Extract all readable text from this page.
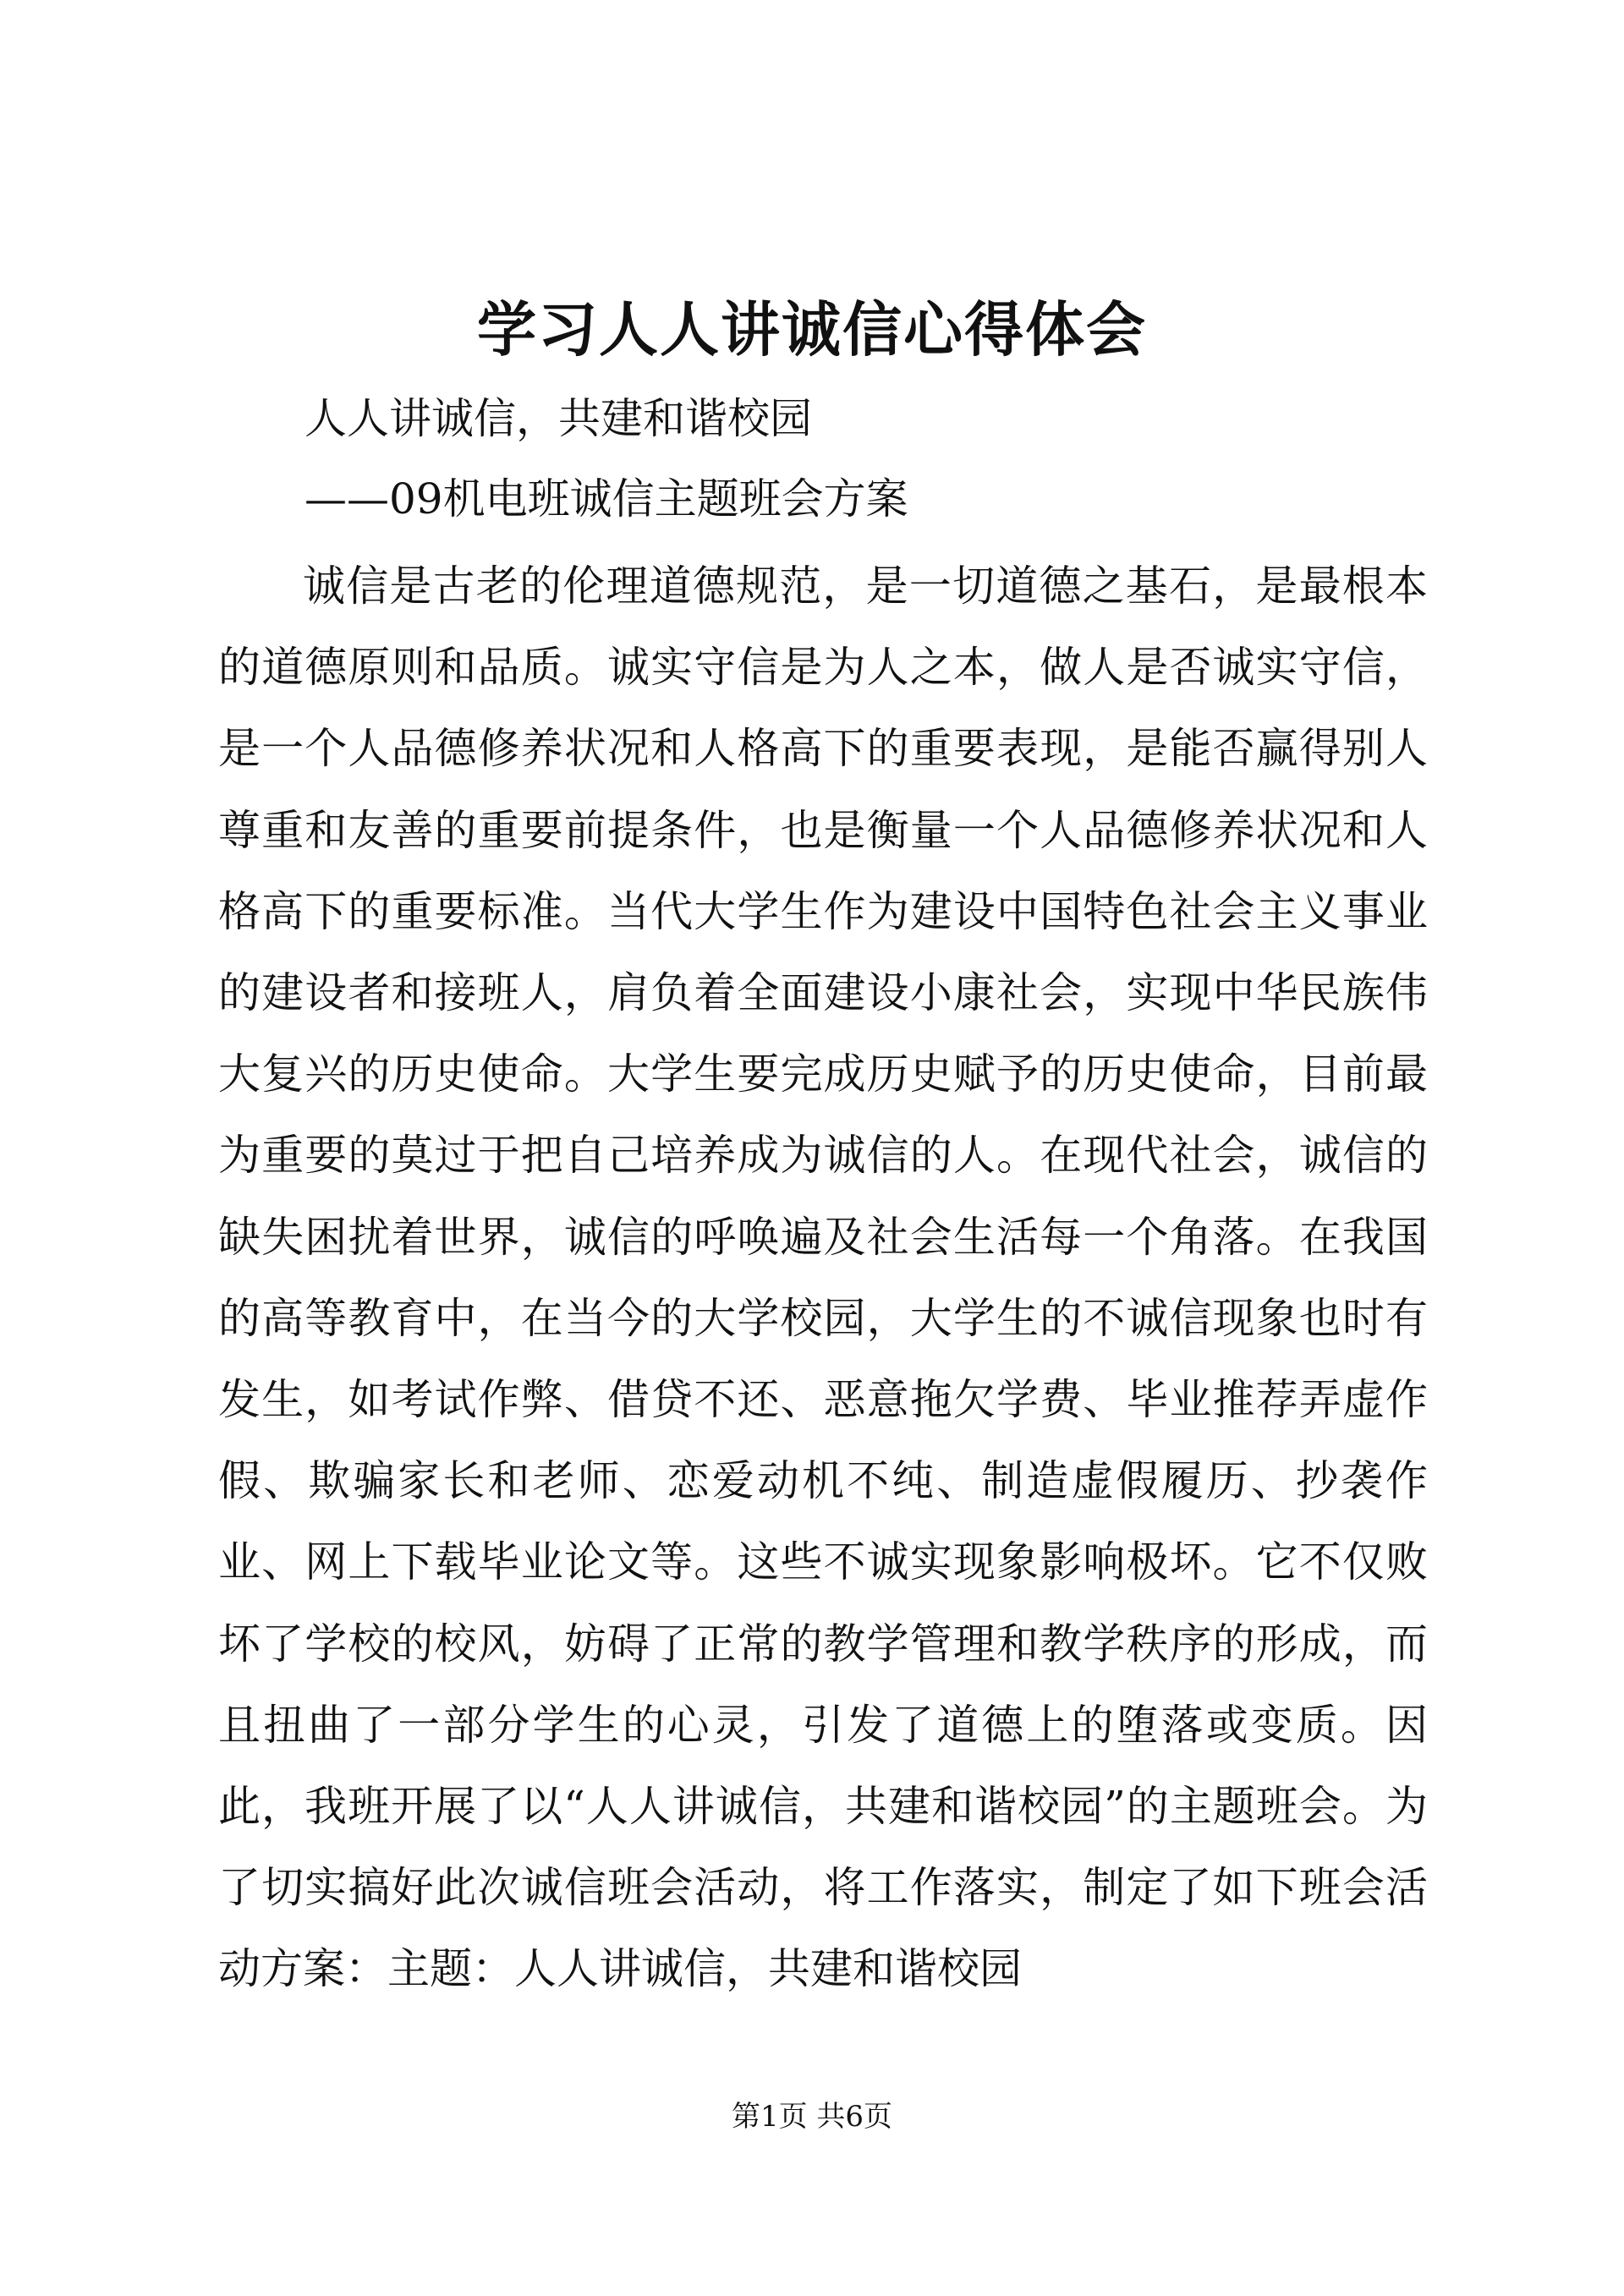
学习人人讲诚信心得体会
人人讲诚信，共建和谐校园
——09机电班诚信主题班会方案

诚信是古老的伦理道德规范，是一切道德之基石，是最根本的道德原则和品质。诚实守信是为人之本，做人是否诚实守信，是一个人品德修养状况和人格高下的重要表现，是能否赢得别人尊重和友善的重要前提条件，也是衡量一个人品德修养状况和人格高下的重要标准。当代大学生作为建设中国特色社会主义事业的建设者和接班人，肩负着全面建设小康社会，实现中华民族伟大复兴的历史使命。大学生要完成历史赋予的历史使命，目前最为重要的莫过于把自己培养成为诚信的人。在现代社会，诚信的缺失困扰着世界，诚信的呼唤遍及社会生活每一个角落。在我国的高等教育中，在当今的大学校园，大学生的不诚信现象也时有发生，如考试作弊、借贷不还、恶意拖欠学费、毕业推荐弄虚作假、欺骗家长和老师、恋爱动机不纯、制造虚假履历、抄袭作业、网上下载毕业论文等。这些不诚实现象影响极坏。它不仅败坏了学校的校风，妨碍了正常的教学管理和教学秩序的形成，而且扭曲了一部分学生的心灵，引发了道德上的堕落或变质。因此，我班开展了以“人人讲诚信，共建和谐校园”的主题班会。为了切实搞好此次诚信班会活动，将工作落实，制定了如下班会活动方案：主题：人人讲诚信，共建和谐校园

第1页 共6页
